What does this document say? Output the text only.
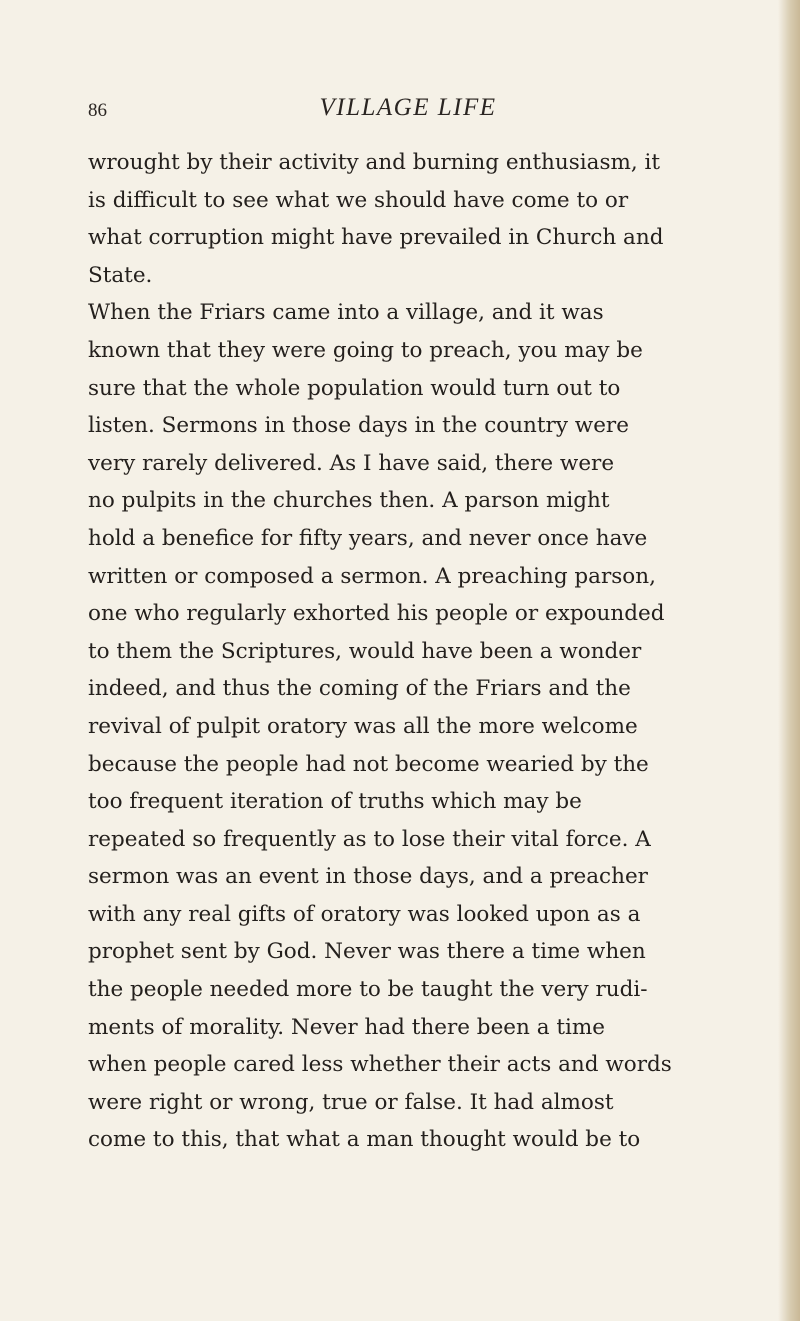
86	VILLAGE LIFE
wrought by their activity and burning enthusiasm, it
is difficult to see what we should have come to or
what corruption might have prevailed in Church and
State.
When the Friars came into a village, and it was
known that they were going to preach, you may be
sure that the whole population would turn out to
listen. Sermons in those days in the country were
very rarely delivered. As I have said, there were
no pulpits in the churches then. A parson might
hold a benefice for fifty years, and never once have
written or composed a sermon. A preaching parson,
one who regularly exhorted his people or expounded
to them the Scriptures, would have been a wonder
indeed, and thus the coming of the Friars and the
revival of pulpit oratory was all the more welcome
because the people had not become wearied by the
too frequent iteration of truths which may be
repeated so frequently as to lose their vital force. A
sermon was an event in those days, and a preacher
with any real gifts of oratory was looked upon as a
prophet sent by God. Never was there a time when
the people needed more to be taught the very rudi-
ments of morality. Never had there been a time
when people cared less whether their acts and words
were right or wrong, true or false. It had almost
come to this, that what a man thought would be to
